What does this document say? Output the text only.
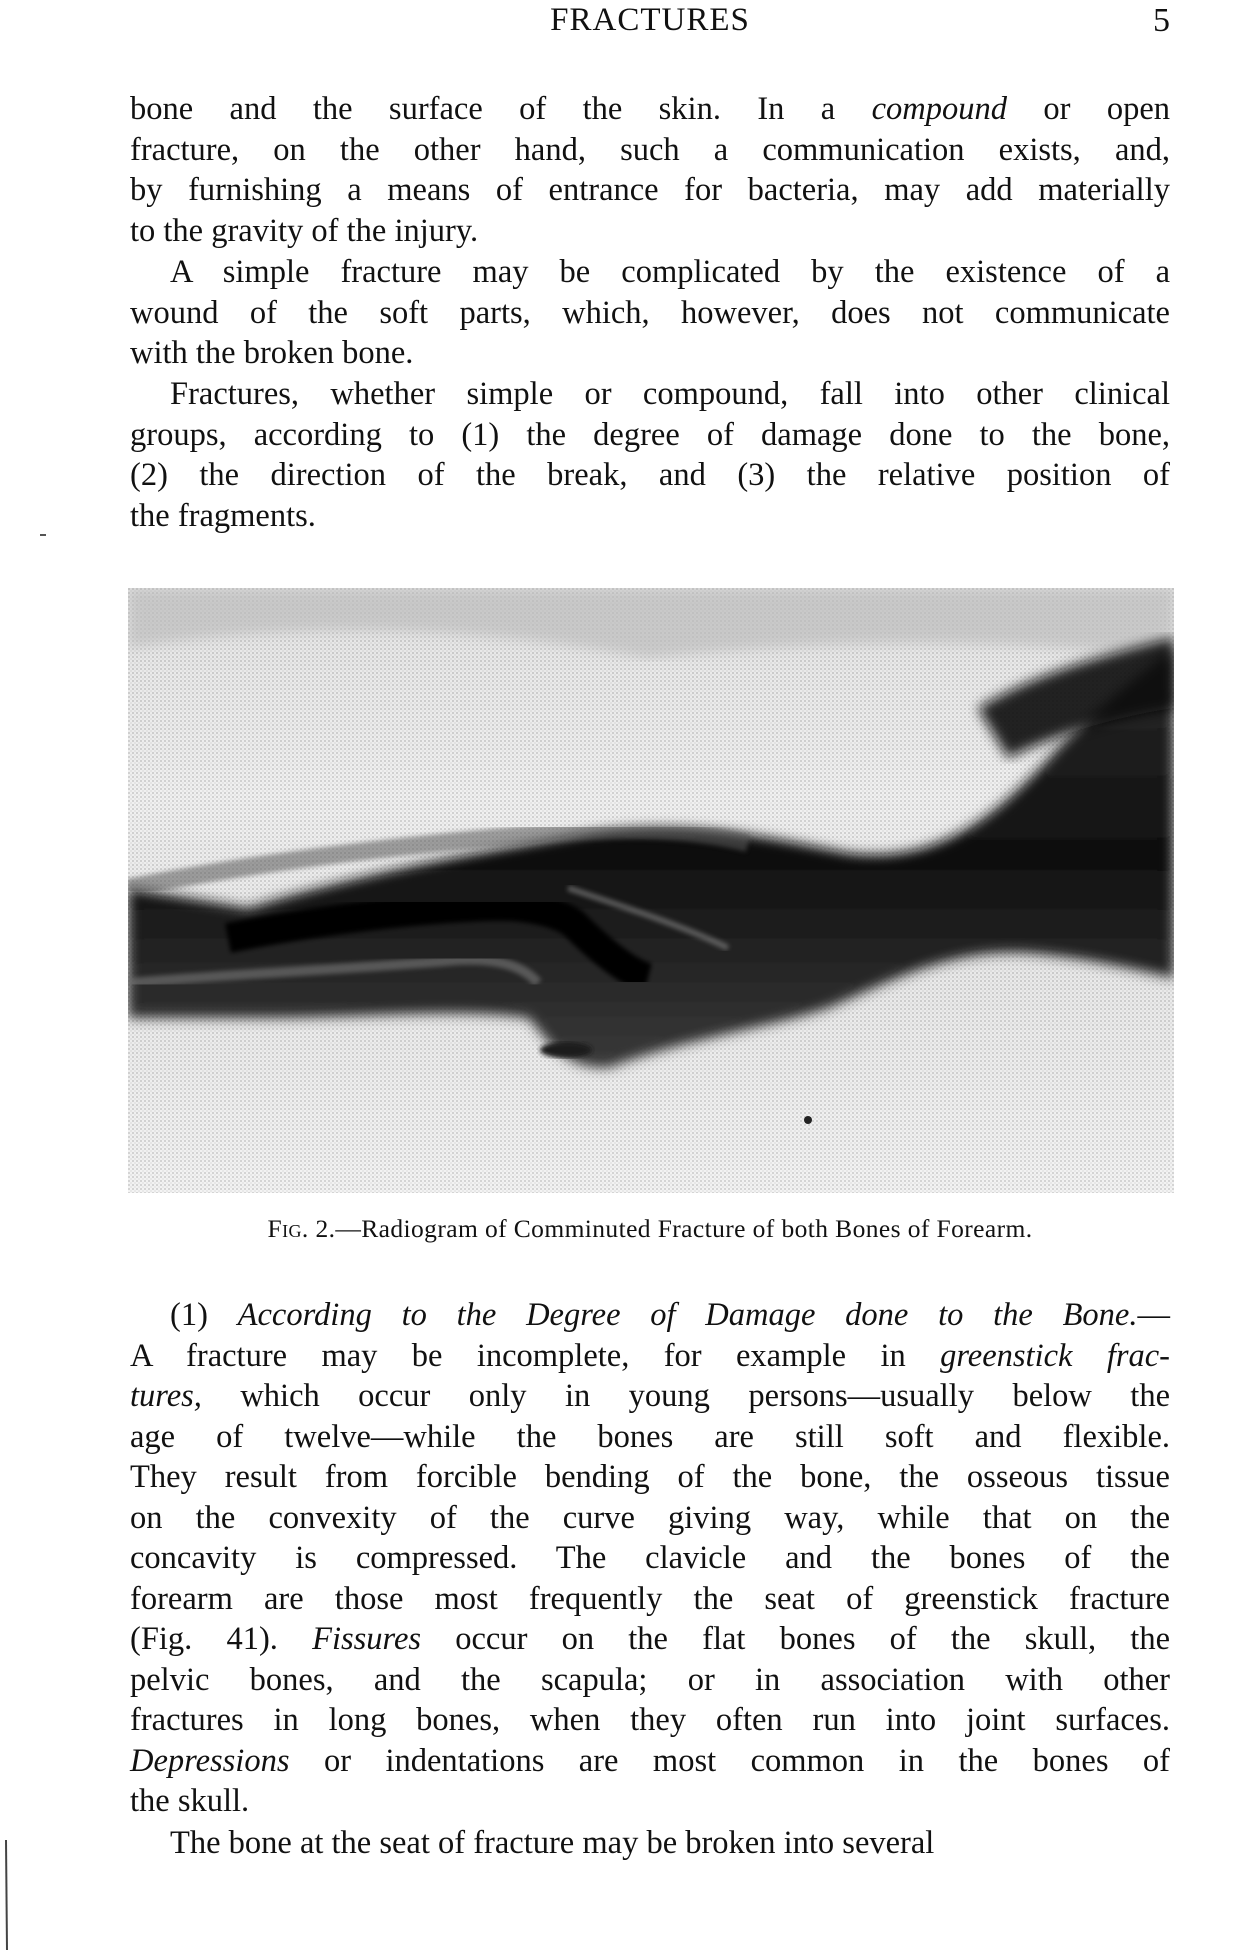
FRACTURES	5
bone and the surface of the skin. In a compound or open
fracture, on the other hand, such a communication exists, and,
by furnishing a means of entrance for bacteria, may add materially
to the gravity of the injury.
A simple fracture may be complicated by the existence of a
wound of the soft parts, which, however, does not communicate
with the broken bone.
Fractures, whether simple or compound, fall into other clinical
groups, according to (1) the degree of damage done to the bone,
(2) the direction of the break, and (3) the relative position of
the fragments.
Fig. 2.—Radiogram of Comminuted Fracture of both Bones of Forearm.
(1) According to the Degree of Damage done to the Bone.—
A fracture may be incomplete, for example in greenstick frac-
tures, which occur only in young persons—usually below the
age of twelve—while the bones are still soft and flexible.
They result from forcible bending of the bone, the osseous tissue
on the convexity of the curve giving way, while that on the
concavity is compressed. The clavicle and the bones of the
forearm are those most frequently the seat of greenstick fracture
(Fig. 41). Fissures occur on the flat bones of the skull, the
pelvic bones, and the scapula; or in association with other
fractures in long bones, when they often run into joint surfaces.
Depressions or indentations are most common in the bones of
the skull.
The bone at the seat of fracture may be broken into several
